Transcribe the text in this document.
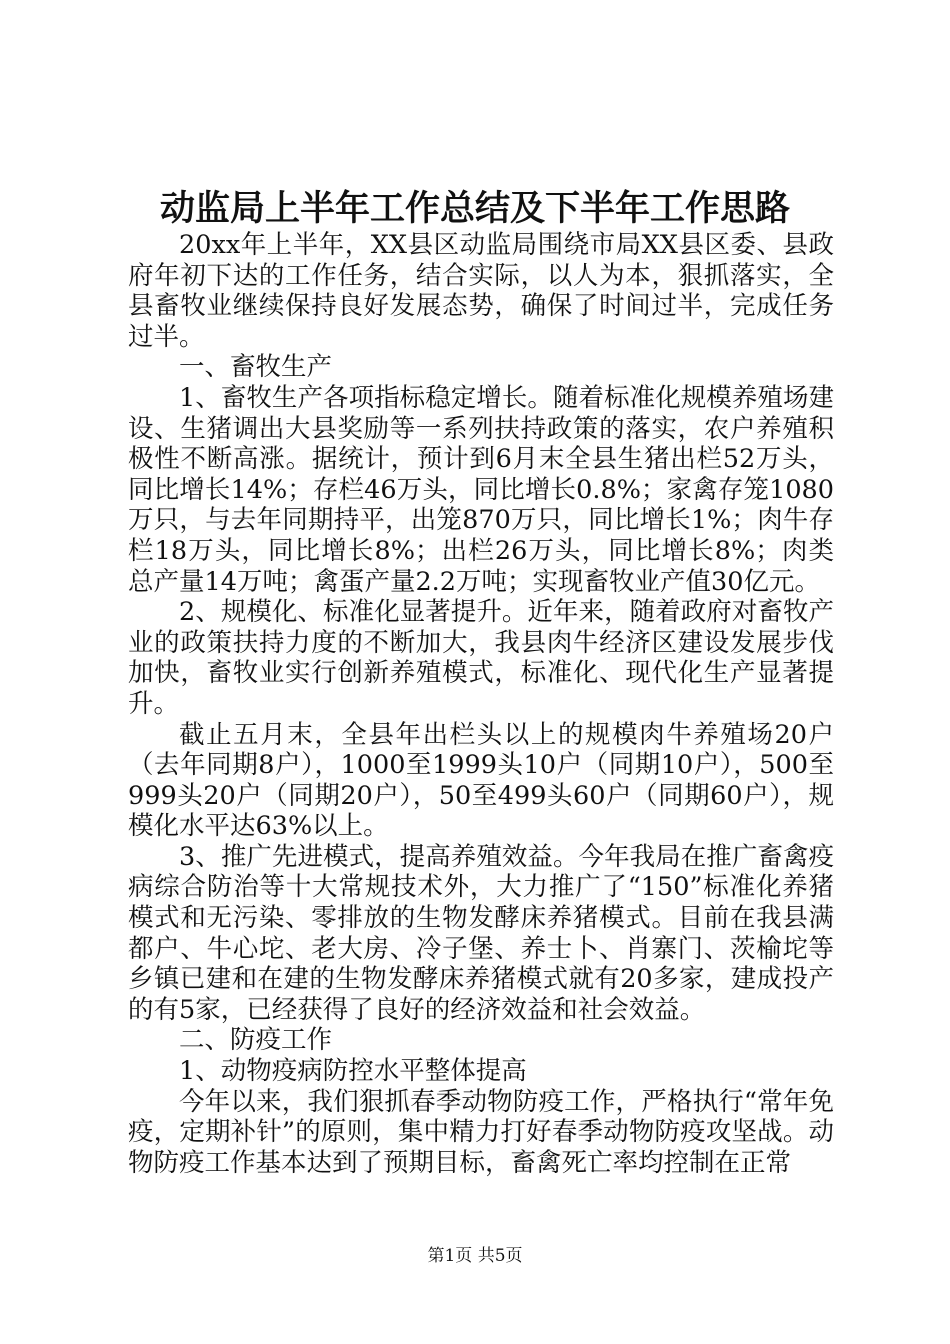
动监局上半年工作总结及下半年工作思路

20xx年上半年，XX县区动监局围绕市局XX县区委、县政府年初下达的工作任务，结合实际，以人为本，狠抓落实，全县畜牧业继续保持良好发展态势，确保了时间过半，完成任务过半。

一、畜牧生产

1、畜牧生产各项指标稳定增长。随着标准化规模养殖场建设、生猪调出大县奖励等一系列扶持政策的落实，农户养殖积极性不断高涨。据统计，预计到6月末全县生猪出栏52万头，同比增长14%；存栏46万头，同比增长0.8%；家禽存笼1080万只，与去年同期持平，出笼870万只，同比增长1%；肉牛存栏18万头，同比增长8%；出栏26万头，同比增长8%；肉类总产量14万吨；禽蛋产量2.2万吨；实现畜牧业产值30亿元。

2、规模化、标准化显著提升。近年来，随着政府对畜牧产业的政策扶持力度的不断加大，我县肉牛经济区建设发展步伐加快，畜牧业实行创新养殖模式，标准化、现代化生产显著提升。

截止五月末，全县年出栏头以上的规模肉牛养殖场20户（去年同期8户），1000至1999头10户（同期10户），500至999头20户（同期20户），50至499头60户（同期60户），规模化水平达63%以上。

3、推广先进模式，提高养殖效益。今年我局在推广畜禽疫病综合防治等十大常规技术外，大力推广了“150”标准化养猪模式和无污染、零排放的生物发酵床养猪模式。目前在我县满都户、牛心坨、老大房、冷子堡、养士卜、肖寨门、茨榆坨等乡镇已建和在建的生物发酵床养猪模式就有20多家，建成投产的有5家，已经获得了良好的经济效益和社会效益。

二、防疫工作

1、动物疫病防控水平整体提高

今年以来，我们狠抓春季动物防疫工作，严格执行“常年免疫，定期补针”的原则，集中精力打好春季动物防疫攻坚战。动物防疫工作基本达到了预期目标，畜禽死亡率均控制在正常

第1页 共5页
